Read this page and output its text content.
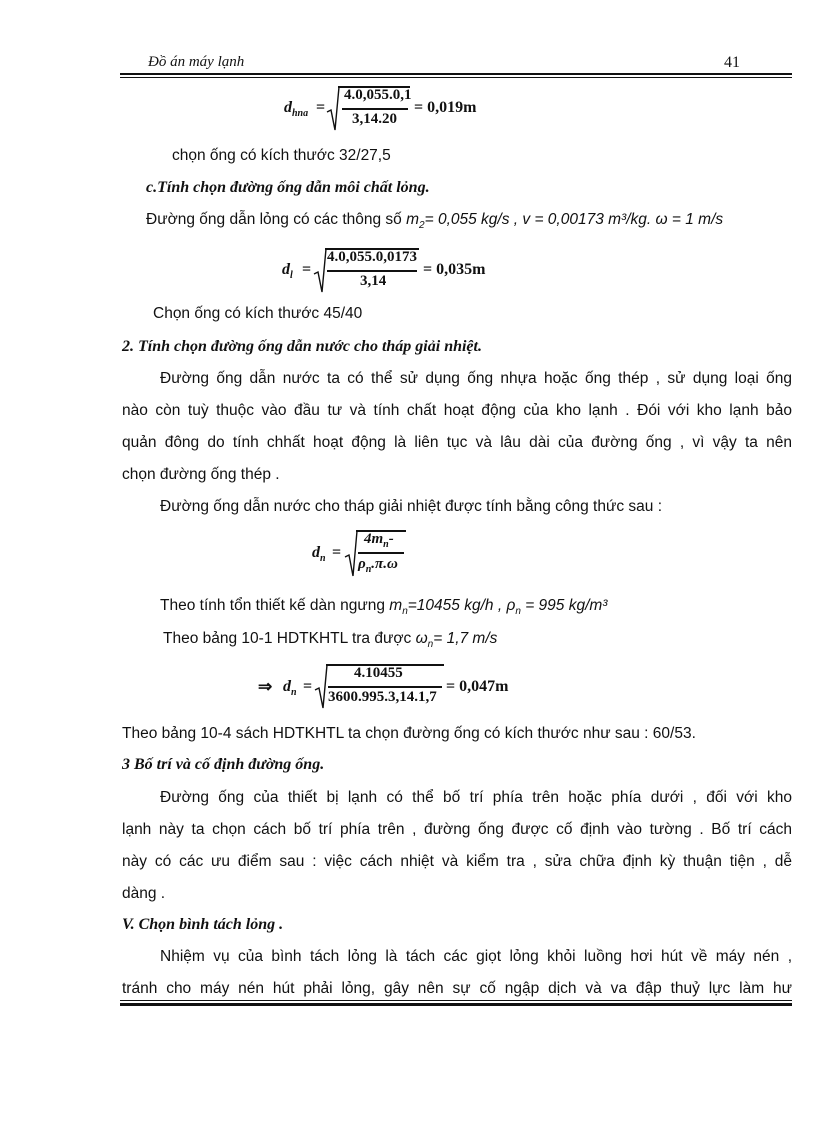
Đồ án máy lạnh	41
$d_{hna}$ =
4.0,055.0,1
3,14.20
= 0,019m
chọn ống có kích thước 32/27,5
c.Tính chọn đường ống dẫn môi chất lỏng.
Đường ống dẫn lỏng có các thông số $m_2= 0,055$ kg/s , v = 0,00173 m³/kg. ω = 1 m/s
$d_l$ =
4.0,055.0,0173
3,14
= 0,035m
Chọn ống có kích thước 45/40
2. Tính chọn đường ống dẫn nước cho tháp giải nhiệt.
Đường ống dẫn nước ta có thể sử dụng ống nhựa hoặc ống thép , sử dụng loại ống
nào còn tuỳ thuộc vào đầu tư và tính chất hoạt động của kho lạnh . Đói với kho lạnh bảo
quản đông do tính chhất hoạt động là liên tục và lâu dài của đường ống , vì vậy ta nên
chọn đường ống thép .
Đường ống dẫn nước cho tháp giải nhiệt được tính bằng công thức sau :
$d_n$ =
$4m_n-$
$\rho_n.\pi.\omega$
Theo tính tổn thiết kế dàn ngưng $m_n=10455$ kg/h , $\rho_n = 995$ kg/m³
Theo bảng 10-1 HDTKHTL tra được $\omega_n= 1,7$ m/s
⇒ $d_n$ =
4.10455
3600.995.3,14.1,7
= 0,047m
Theo bảng 10-4 sách HDTKHTL ta chọn đường ống có kích thước như sau : 60/53.
3 Bố trí và cố định đường ống.
Đường ống của thiết bị lạnh có thể bố trí phía trên hoặc phía dưới , đối với kho
lạnh này ta chọn cách bố trí phía trên , đường ống được cố định vào tường . Bố trí cách
này có các ưu điểm sau : việc cách nhiệt và kiểm tra , sửa chữa định kỳ thuận tiện , dễ
dàng .
V. Chọn bình tách lỏng .
Nhiệm vụ của bình tách lỏng là tách các giọt lỏng khỏi luồng hơi hút về máy nén ,
tránh cho máy nén hút phải lỏng, gây nên sự cố ngập dịch và va đập thuỷ lực làm hư
